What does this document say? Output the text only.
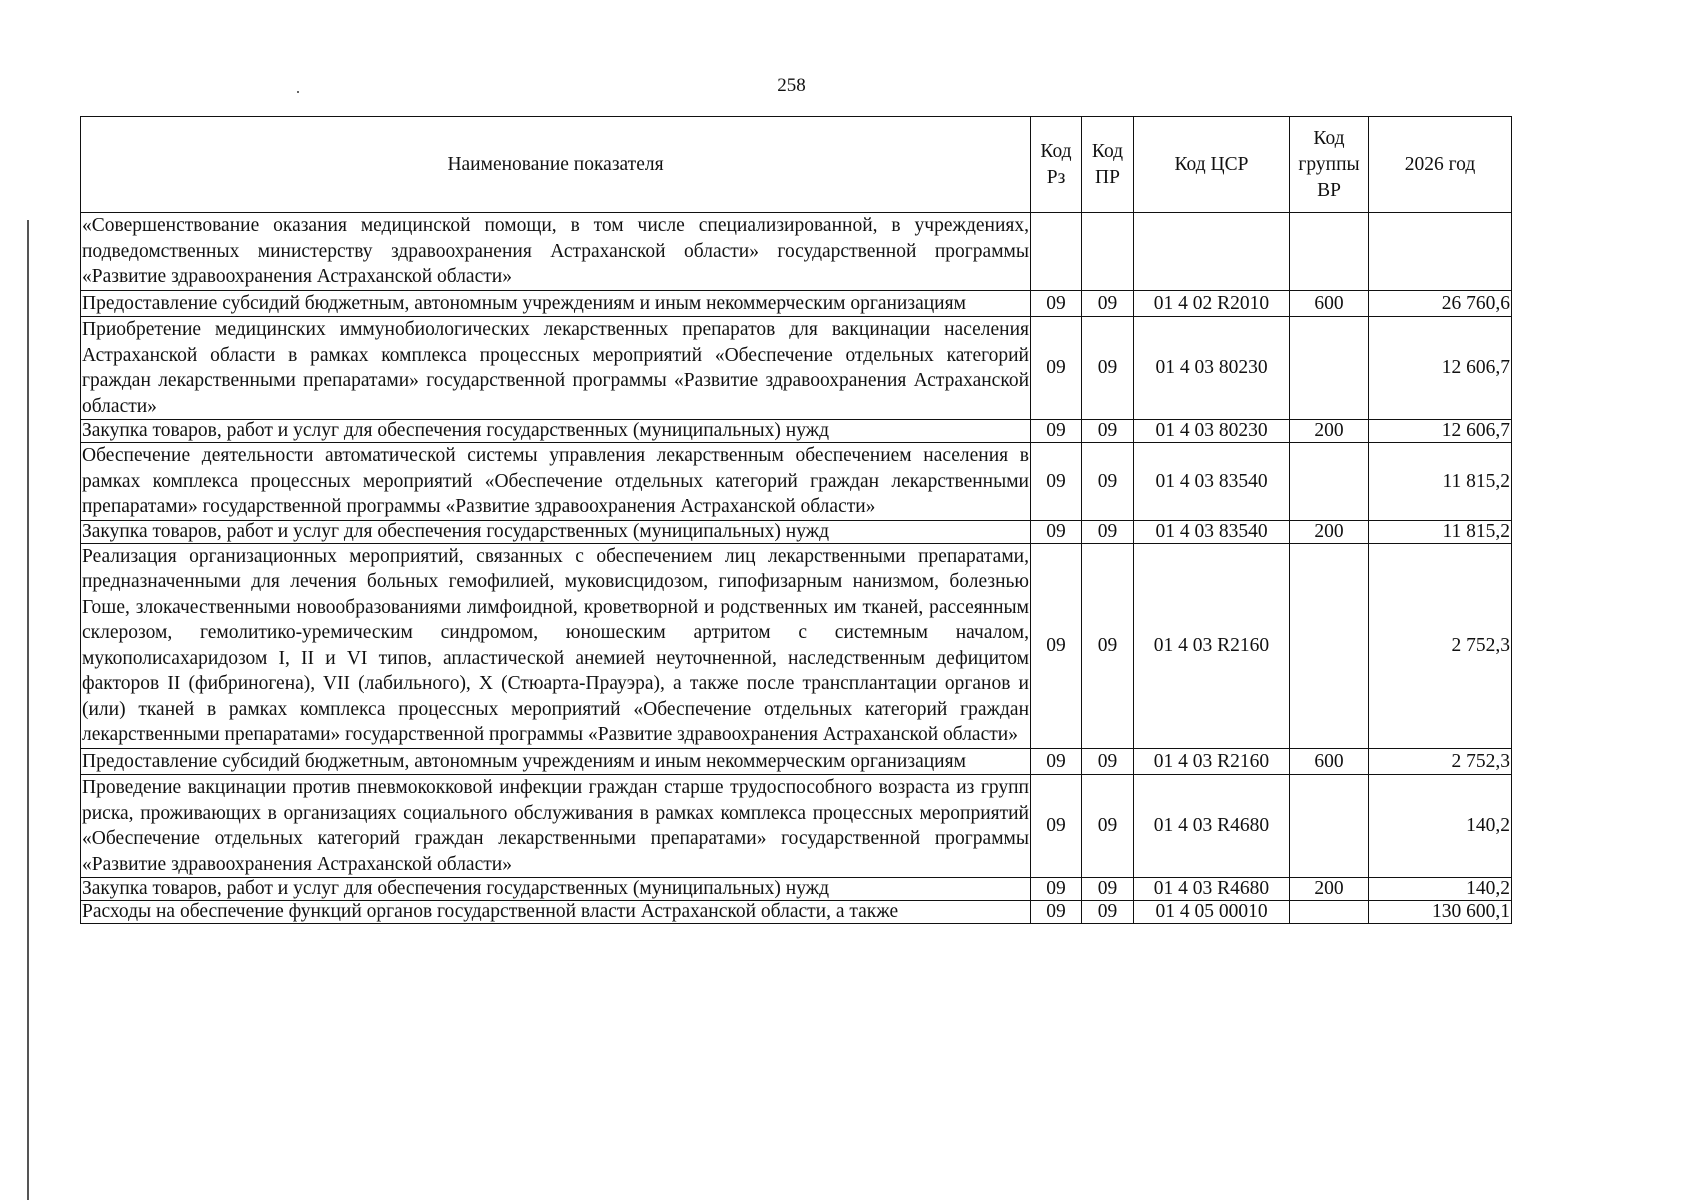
258
Наименование показателя	Код Рз	Код ПР	Код ЦСР	Код группы ВР	2026 год
«Совершенствование оказания медицинской помощи, в том числе специализированной, в учреждениях, подведомственных министерству здравоохранения Астраханской области» государственной программы «Развитие здравоохранения Астраханской области»					
Предоставление субсидий бюджетным, автономным учреждениям и иным некоммерческим организациям	09	09	01 4 02 R2010	600	26 760,6
Приобретение медицинских иммунобиологических лекарственных препаратов для вакцинации населения Астраханской области в рамках комплекса процессных мероприятий «Обеспечение отдельных категорий граждан лекарственными препаратами» государственной программы «Развитие здравоохранения Астраханской области»	09	09	01 4 03 80230		12 606,7
Закупка товаров, работ и услуг для обеспечения государственных (муниципальных) нужд	09	09	01 4 03 80230	200	12 606,7
Обеспечение деятельности автоматической системы управления лекарственным обеспечением населения в рамках комплекса процессных мероприятий «Обеспечение отдельных категорий граждан лекарственными препаратами» государственной программы «Развитие здравоохранения Астраханской области»	09	09	01 4 03 83540		11 815,2
Закупка товаров, работ и услуг для обеспечения государственных (муниципальных) нужд	09	09	01 4 03 83540	200	11 815,2
Реализация организационных мероприятий, связанных с обеспечением лиц лекарственными препаратами, предназначенными для лечения больных гемофилией, муковисцидозом, гипофизарным нанизмом, болезнью Гоше, злокачественными новообразованиями лимфоидной, кроветворной и родственных им тканей, рассеянным склерозом, гемолитико-уремическим синдромом, юношеским артритом с системным началом, мукополисахаридозом I, II и VI типов, апластической анемией неуточненной, наследственным дефицитом факторов II (фибриногена), VII (лабильного), X (Стюарта-Прауэра), а также после трансплантации органов и (или) тканей в рамках комплекса процессных мероприятий «Обеспечение отдельных категорий граждан лекарственными препаратами» государственной программы «Развитие здравоохранения Астраханской области»	09	09	01 4 03 R2160		2 752,3
Предоставление субсидий бюджетным, автономным учреждениям и иным некоммерческим организациям	09	09	01 4 03 R2160	600	2 752,3
Проведение вакцинации против пневмококковой инфекции граждан старше трудоспособного возраста из групп риска, проживающих в организациях социального обслуживания в рамках комплекса процессных мероприятий «Обеспечение отдельных категорий граждан лекарственными препаратами» государственной программы «Развитие здравоохранения Астраханской области»	09	09	01 4 03 R4680		140,2
Закупка товаров, работ и услуг для обеспечения государственных (муниципальных) нужд	09	09	01 4 03 R4680	200	140,2
Расходы на обеспечение функций органов государственной власти Астраханской области, а также	09	09	01 4 05 00010		130 600,1
